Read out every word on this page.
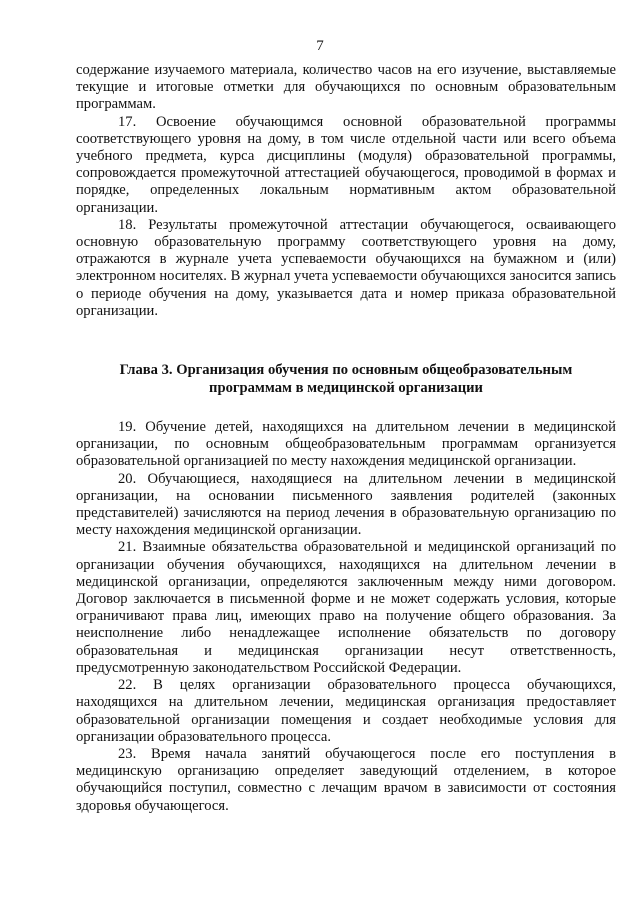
7

содержание изучаемого материала, количество часов на его изучение, выставляемые текущие и итоговые отметки для обучающихся по основным образовательным программам.

17. Освоение обучающимся основной образовательной программы соответствующего уровня на дому, в том числе отдельной части или всего объема учебного предмета, курса дисциплины (модуля) образовательной программы, сопровождается промежуточной аттестацией обучающегося, проводимой в формах и порядке, определенных локальным нормативным актом образовательной организации.

18. Результаты промежуточной аттестации обучающегося, осваивающего основную образовательную программу соответствующего уровня на дому, отражаются в журнале учета успеваемости обучающихся на бумажном и (или) электронном носителях. В журнал учета успеваемости обучающихся заносится запись о периоде обучения на дому, указывается дата и номер приказа образовательной организации.

Глава 3. Организация обучения по основным общеобразовательным программам в медицинской организации

19. Обучение детей, находящихся на длительном лечении в медицинской организации, по основным общеобразовательным программам организуется образовательной организацией по месту нахождения медицинской организации.

20. Обучающиеся, находящиеся на длительном лечении в медицинской организации, на основании письменного заявления родителей (законных представителей) зачисляются на период лечения в образовательную организацию по месту нахождения медицинской организации.

21. Взаимные обязательства образовательной и медицинской организаций по организации обучения обучающихся, находящихся на длительном лечении в медицинской организации, определяются заключенным между ними договором. Договор заключается в письменной форме и не может содержать условия, которые ограничивают права лиц, имеющих право на получение общего образования. За неисполнение либо ненадлежащее исполнение обязательств по договору образовательная и медицинская организации несут ответственность, предусмотренную законодательством Российской Федерации.

22. В целях организации образовательного процесса обучающихся, находящихся на длительном лечении, медицинская организация предоставляет образовательной организации помещения и создает необходимые условия для организации образовательного процесса.

23. Время начала занятий обучающегося после его поступления в медицинскую организацию определяет заведующий отделением, в которое обучающийся поступил, совместно с лечащим врачом в зависимости от состояния здоровья обучающегося.
